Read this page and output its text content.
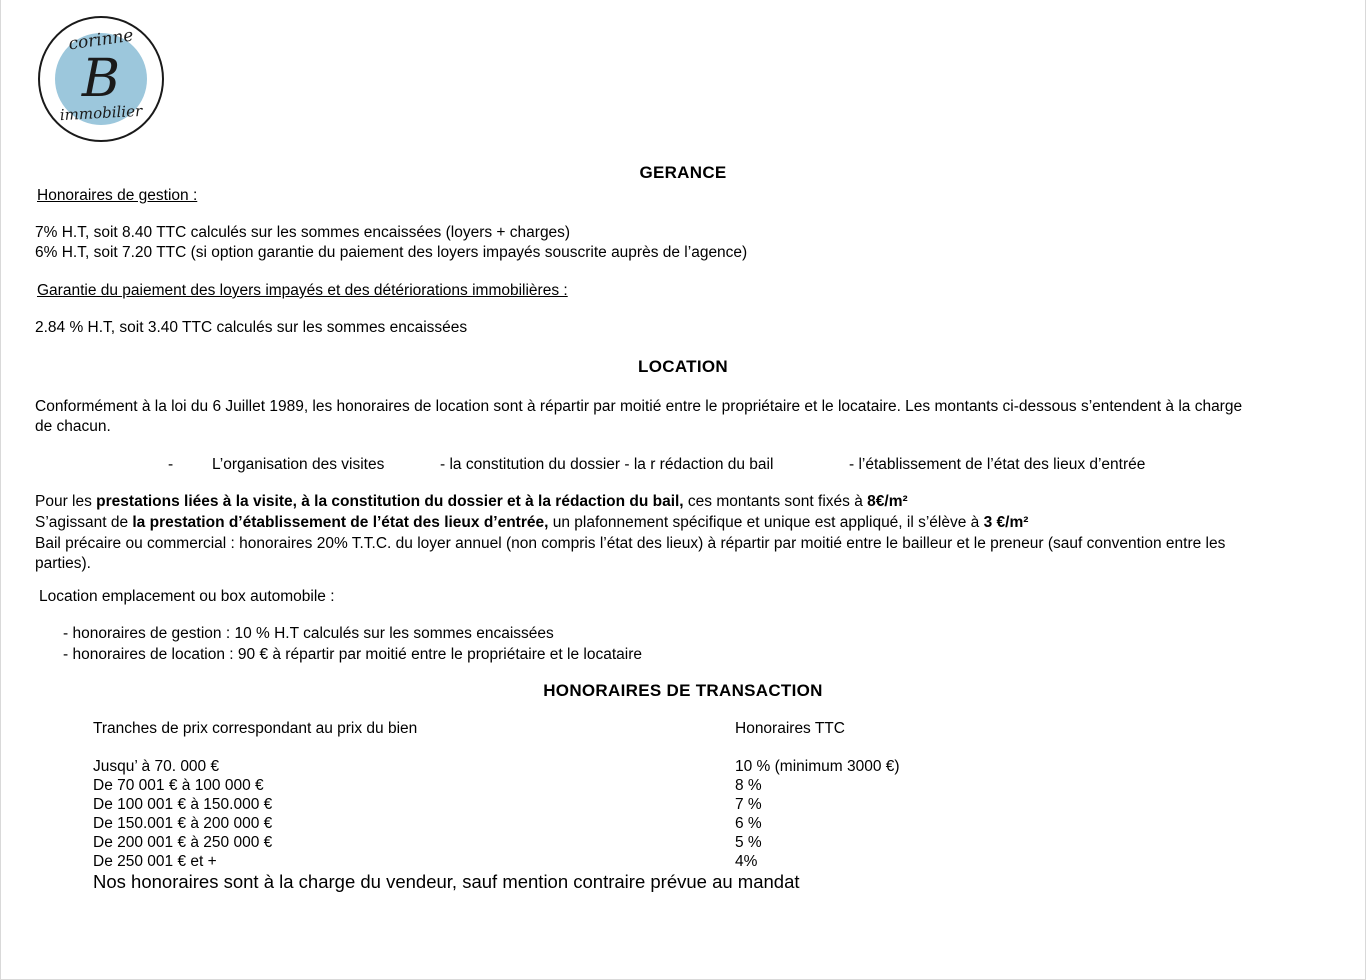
B
corinne
immobilier
GERANCE
Honoraires de gestion :
7% H.T, soit 8.40 TTC calculés sur les sommes encaissées (loyers + charges)
6% H.T, soit 7.20 TTC (si option garantie du paiement des loyers impayés souscrite auprès de l’agence)
Garantie du paiement des loyers impayés et des détériorations immobilières :
2.84 % H.T, soit 3.40 TTC calculés sur les sommes encaissées
LOCATION
Conformément à la loi du 6 Juillet 1989, les honoraires de location sont à répartir par moitié entre le propriétaire et le locataire. Les montants ci-dessous s’entendent à la charge de chacun.
-	L’organisation des visites	- la constitution du dossier - la r rédaction du bail	- l’établissement de l’état des lieux d’entrée
Pour les prestations liées à la visite, à la constitution du dossier et à la rédaction du bail, ces montants sont fixés à 8€/m²
S’agissant de la prestation d’établissement de l’état des lieux d’entrée, un plafonnement spécifique et unique est appliqué, il s’élève à 3 €/m²
Bail précaire ou commercial : honoraires 20% T.T.C. du loyer annuel (non compris l’état des lieux) à répartir par moitié entre le bailleur et le preneur (sauf convention entre les parties).
Location emplacement ou box automobile :
- honoraires de gestion : 10 % H.T calculés sur les sommes encaissées
- honoraires de location : 90 € à répartir par moitié entre le propriétaire et le locataire
HONORAIRES DE TRANSACTION
Tranches de prix correspondant au prix du bien	Honoraires TTC
Jusqu’ à 70. 000 €	10 % (minimum 3000 €)
De 70 001 € à 100 000 €	8 %
De 100 001 € à 150.000 €	7 %
De 150.001 € à 200 000 €	6 %
De 200 001 € à 250 000 €	5 %
De 250 001 € et +	4%
Nos honoraires sont à la charge du vendeur, sauf mention contraire prévue au mandat
